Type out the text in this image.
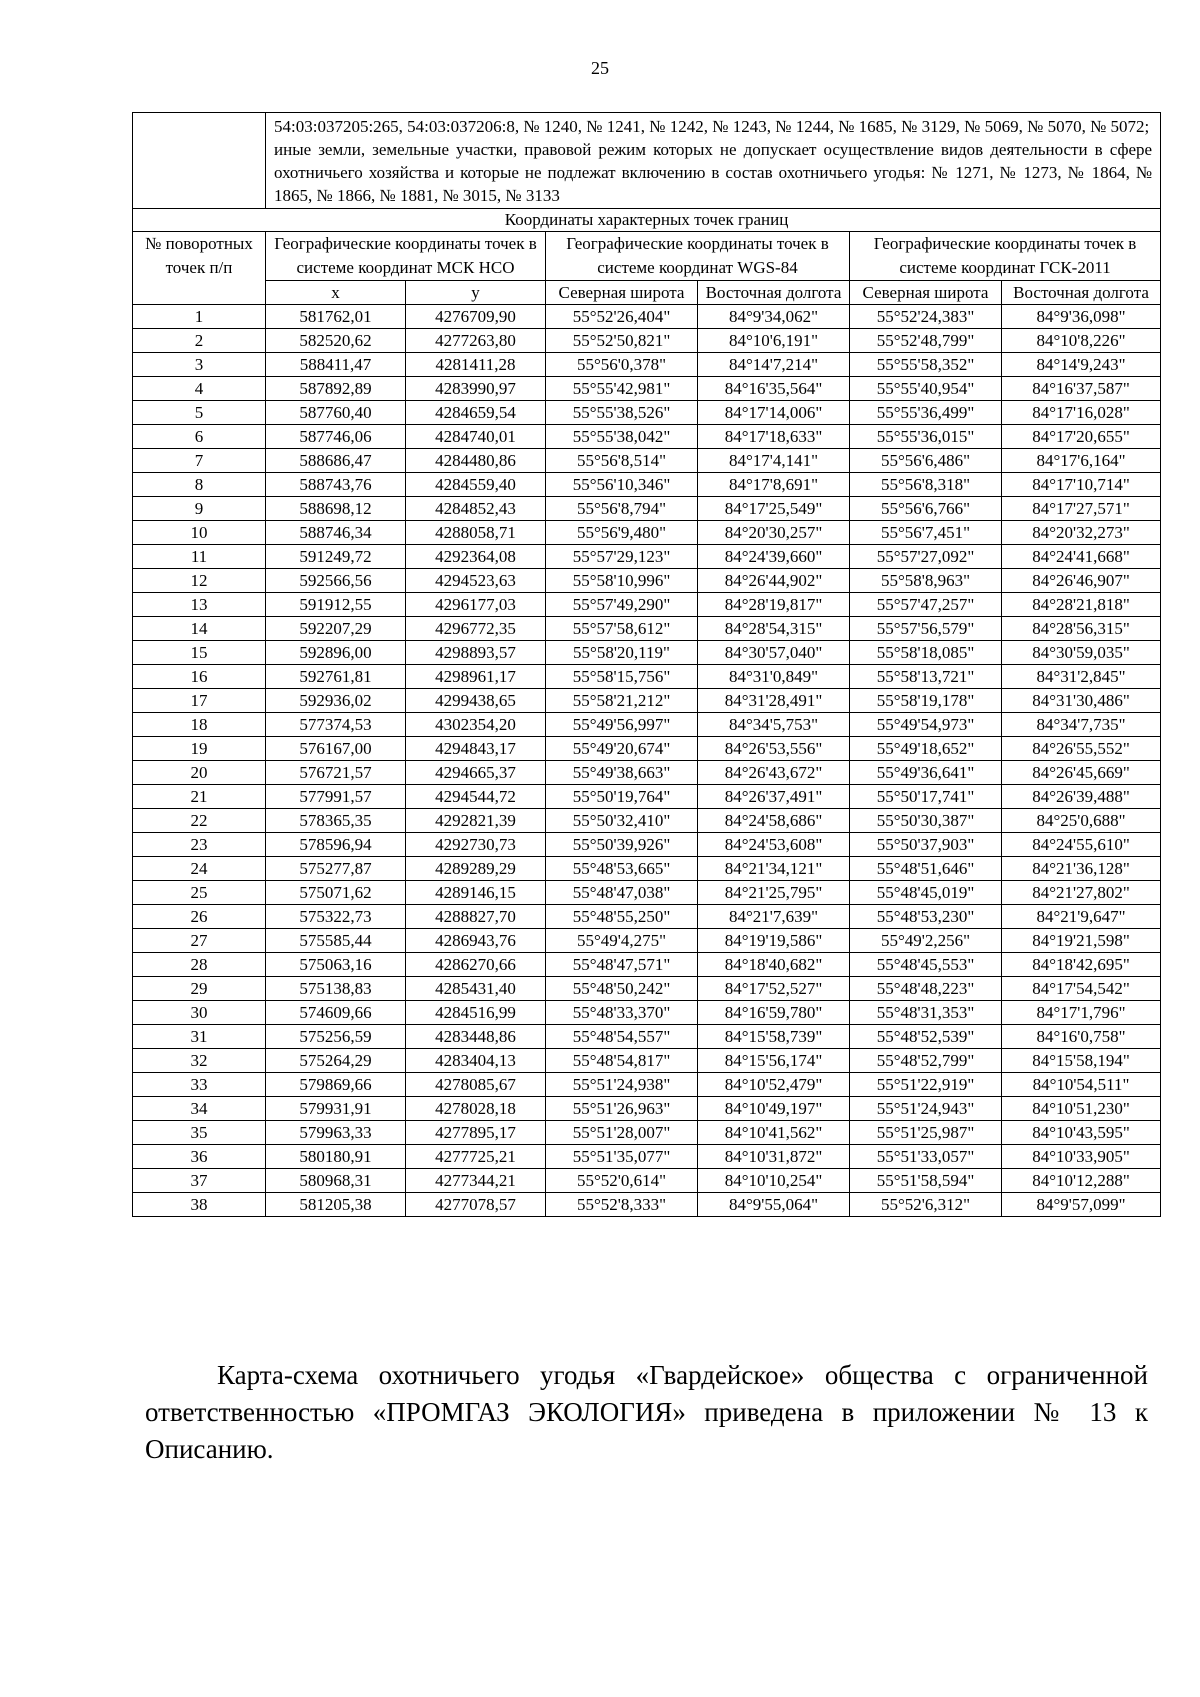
25

	54:03:037205:265, 54:03:037206:8, № 1240, № 1241, № 1242, № 1243, № 1244, № 1685, № 3129, № 5069, № 5070, № 5072;
иные земли, земельные участки, правовой режим которых не допускает осуществление видов деятельности в сфере охотничьего хозяйства и которые не подлежат включению в состав охотничьего угодья: № 1271, № 1273, № 1864, № 1865, № 1866, № 1881, № 3015, № 3133					

Координаты характерных точек границ						
№ поворотных точек п/п	Географические координаты точек в системе координат МСК НСО		Географические координаты точек в системе координат WGS-84		Географические координаты точек в системе координат ГСК-2011	
	х	у	Северная широта	Восточная долгота	Северная широта	Восточная долгота
1	581762,01	4276709,90	55°52'26,404"	84°9'34,062"	55°52'24,383"	84°9'36,098"
2	582520,62	4277263,80	55°52'50,821"	84°10'6,191"	55°52'48,799"	84°10'8,226"
3	588411,47	4281411,28	55°56'0,378"	84°14'7,214"	55°55'58,352"	84°14'9,243"
4	587892,89	4283990,97	55°55'42,981"	84°16'35,564"	55°55'40,954"	84°16'37,587"
5	587760,40	4284659,54	55°55'38,526"	84°17'14,006"	55°55'36,499"	84°17'16,028"
6	587746,06	4284740,01	55°55'38,042"	84°17'18,633"	55°55'36,015"	84°17'20,655"
7	588686,47	4284480,86	55°56'8,514"	84°17'4,141"	55°56'6,486"	84°17'6,164"
8	588743,76	4284559,40	55°56'10,346"	84°17'8,691"	55°56'8,318"	84°17'10,714"
9	588698,12	4284852,43	55°56'8,794"	84°17'25,549"	55°56'6,766"	84°17'27,571"
10	588746,34	4288058,71	55°56'9,480"	84°20'30,257"	55°56'7,451"	84°20'32,273"
11	591249,72	4292364,08	55°57'29,123"	84°24'39,660"	55°57'27,092"	84°24'41,668"
12	592566,56	4294523,63	55°58'10,996"	84°26'44,902"	55°58'8,963"	84°26'46,907"
13	591912,55	4296177,03	55°57'49,290"	84°28'19,817"	55°57'47,257"	84°28'21,818"
14	592207,29	4296772,35	55°57'58,612"	84°28'54,315"	55°57'56,579"	84°28'56,315"
15	592896,00	4298893,57	55°58'20,119"	84°30'57,040"	55°58'18,085"	84°30'59,035"
16	592761,81	4298961,17	55°58'15,756"	84°31'0,849"	55°58'13,721"	84°31'2,845"
17	592936,02	4299438,65	55°58'21,212"	84°31'28,491"	55°58'19,178"	84°31'30,486"
18	577374,53	4302354,20	55°49'56,997"	84°34'5,753"	55°49'54,973"	84°34'7,735"
19	576167,00	4294843,17	55°49'20,674"	84°26'53,556"	55°49'18,652"	84°26'55,552"
20	576721,57	4294665,37	55°49'38,663"	84°26'43,672"	55°49'36,641"	84°26'45,669"
21	577991,57	4294544,72	55°50'19,764"	84°26'37,491"	55°50'17,741"	84°26'39,488"
22	578365,35	4292821,39	55°50'32,410"	84°24'58,686"	55°50'30,387"	84°25'0,688"
23	578596,94	4292730,73	55°50'39,926"	84°24'53,608"	55°50'37,903"	84°24'55,610"
24	575277,87	4289289,29	55°48'53,665"	84°21'34,121"	55°48'51,646"	84°21'36,128"
25	575071,62	4289146,15	55°48'47,038"	84°21'25,795"	55°48'45,019"	84°21'27,802"
26	575322,73	4288827,70	55°48'55,250"	84°21'7,639"	55°48'53,230"	84°21'9,647"
27	575585,44	4286943,76	55°49'4,275"	84°19'19,586"	55°49'2,256"	84°19'21,598"
28	575063,16	4286270,66	55°48'47,571"	84°18'40,682"	55°48'45,553"	84°18'42,695"
29	575138,83	4285431,40	55°48'50,242"	84°17'52,527"	55°48'48,223"	84°17'54,542"
30	574609,66	4284516,99	55°48'33,370"	84°16'59,780"	55°48'31,353"	84°17'1,796"
31	575256,59	4283448,86	55°48'54,557"	84°15'58,739"	55°48'52,539"	84°16'0,758"
32	575264,29	4283404,13	55°48'54,817"	84°15'56,174"	55°48'52,799"	84°15'58,194"
33	579869,66	4278085,67	55°51'24,938"	84°10'52,479"	55°51'22,919"	84°10'54,511"
34	579931,91	4278028,18	55°51'26,963"	84°10'49,197"	55°51'24,943"	84°10'51,230"
35	579963,33	4277895,17	55°51'28,007"	84°10'41,562"	55°51'25,987"	84°10'43,595"
36	580180,91	4277725,21	55°51'35,077"	84°10'31,872"	55°51'33,057"	84°10'33,905"
37	580968,31	4277344,21	55°52'0,614"	84°10'10,254"	55°51'58,594"	84°10'12,288"
38	581205,38	4277078,57	55°52'8,333"	84°9'55,064"	55°52'6,312"	84°9'57,099"

Карта-схема охотничьего угодья «Гвардейское» общества с ограниченной ответственностью «ПРОМГАЗ ЭКОЛОГИЯ» приведена в приложении № 13 к Описанию.
